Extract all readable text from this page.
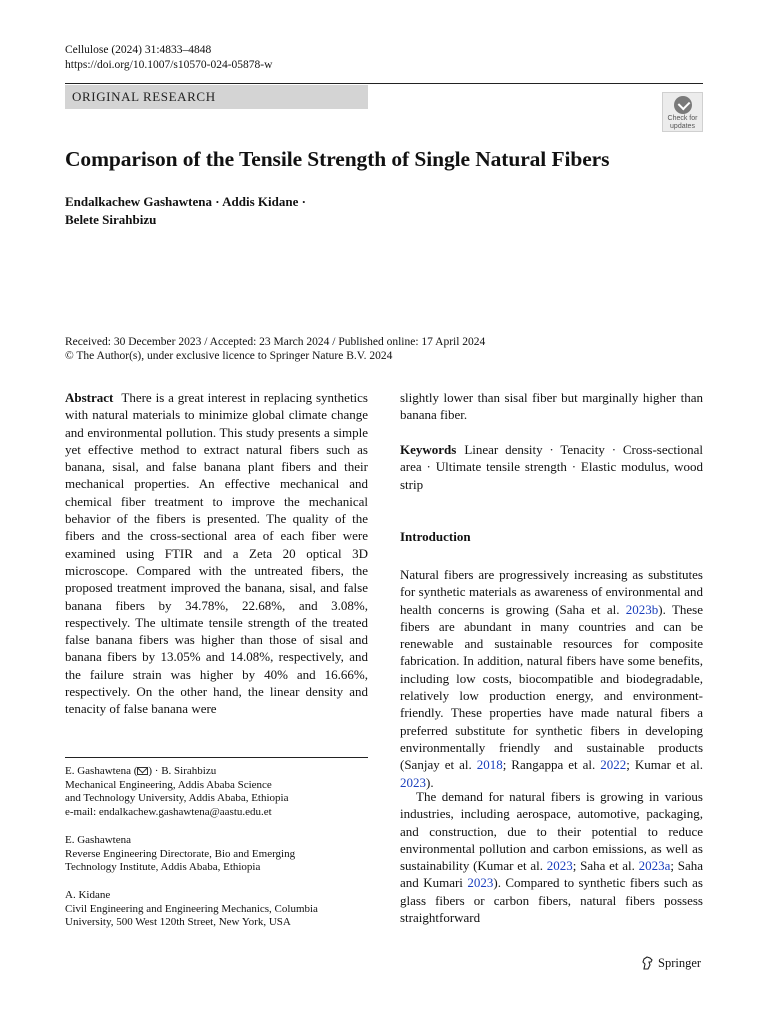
Cellulose (2024) 31:4833–4848
https://doi.org/10.1007/s10570-024-05878-w
ORIGINAL RESEARCH
Check for
updates
Comparison of the Tensile Strength of Single Natural Fibers
Endalkachew Gashawtena · Addis Kidane ·
Belete Sirahbizu
Received: 30 December 2023 / Accepted: 23 March 2024 / Published online: 17 April 2024
© The Author(s), under exclusive licence to Springer Nature B.V. 2024
Abstract There is a great interest in replacing synthetics with natural materials to minimize global climate change and environmental pollution. This study presents a simple yet effective method to extract natural fibers such as banana, sisal, and false banana plant fibers and their mechanical properties. An effective mechanical and chemical fiber treatment to improve the mechanical behavior of the fibers is presented. The quality of the fibers and the cross-sectional area of each fiber were examined using FTIR and a Zeta 20 optical 3D microscope. Compared with the untreated fibers, the proposed treatment improved the banana, sisal, and false banana fibers by 34.78%, 22.68%, and 3.08%, respectively. The ultimate tensile strength of the treated false banana fibers was higher than those of sisal and banana fibers by 13.05% and 14.08%, respectively, and the failure strain was higher by 40% and 16.66%, respectively. On the other hand, the linear density and tenacity of false banana were
slightly lower than sisal fiber but marginally higher than banana fiber.
Keywords Linear density · Tenacity · Cross-sectional area · Ultimate tensile strength · Elastic modulus, wood strip
Introduction
Natural fibers are progressively increasing as substitutes for synthetic materials as awareness of environmental and health concerns is growing (Saha et al. 2023b). These fibers are abundant in many countries and can be renewable and sustainable resources for composite fabrication. In addition, natural fibers have some benefits, including low costs, biocompatible and biodegradable, relatively low production energy, and environment-friendly. These properties have made natural fibers a preferred substitute for synthetic fibers in developing environmentally friendly and sustainable products (Sanjay et al. 2018; Rangappa et al. 2022; Kumar et al. 2023).
The demand for natural fibers is growing in various industries, including aerospace, automotive, packaging, and construction, due to their potential to reduce environmental pollution and carbon emissions, as well as sustainability (Kumar et al. 2023; Saha et al. 2023a; Saha and Kumari 2023). Compared to synthetic fibers such as glass fibers or carbon fibers, natural fibers possess straightforward
E. Gashawtena ( ) · B. Sirahbizu
Mechanical Engineering, Addis Ababa Science
and Technology University, Addis Ababa, Ethiopia
e-mail: endalkachew.gashawtena@aastu.edu.et
E. Gashawtena
Reverse Engineering Directorate, Bio and Emerging
Technology Institute, Addis Ababa, Ethiopia
A. Kidane
Civil Engineering and Engineering Mechanics, Columbia
University, 500 West 120th Street, New York, USA
Springer
